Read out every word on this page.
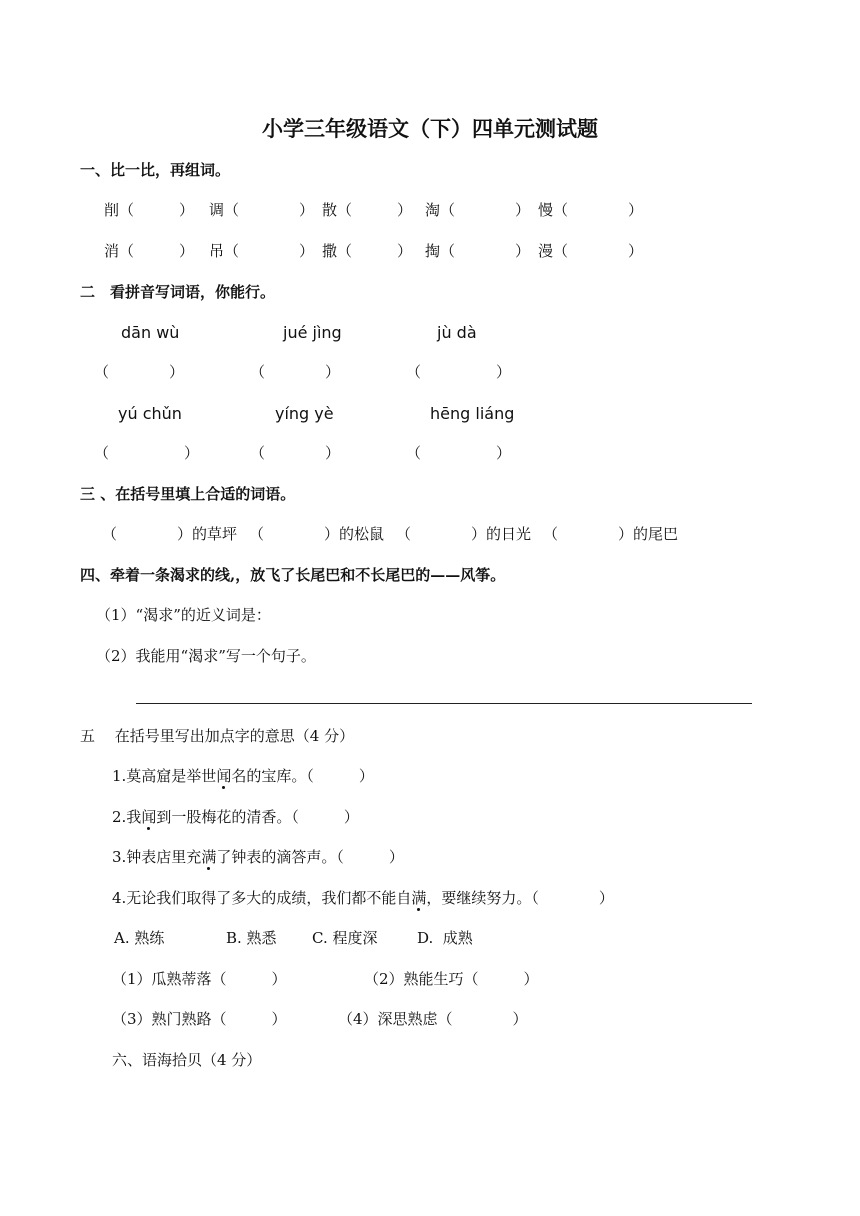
小学三年级语文（下）四单元测试题
一、比一比，再组词。
削（　　　） 调（　　　　） 散（　　　） 淘（　　　　） 慢（　　　　）
消（　　　） 吊（　　　　） 撒（　　　） 掏（　　　　） 漫（　　　　）
二　看拼音写词语，你能行。
dān wù	jué jìng	jù dà
（　　　　）	（　　　　）	（　　　　　）
yú chǔn	yíng yè	hēng liáng
（　　　　　）	（　　　　）	（　　　　　）
三 、在括号里填上合适的词语。
（　　　　）的草坪 （　　　　）的松鼠 （　　　　）的日光 （　　　　）的尾巴
四、牵着一条渴求的线,，放飞了长尾巴和不长尾巴的——风筝。
（1）“渴求”的近义词是：
（2）我能用“渴求”写一个句子。
五　 在括号里写出加点字的意思（4 分）
1.莫高窟是举世闻
名的宝库。（　　　）
2.我闻
到一股梅花的清香。（　　　）
3.钟表店里充满
了钟表的滴答声。（　　　）
4.无论我们取得了多大的成绩，我们都不能自满
，要继续努力。（　　　　）
A. 熟练	B. 熟悉 C. 程度深	D.  成熟
（1）瓜熟蒂落（　　　）	（2）熟能生巧（　　　）
（3）熟门熟路（　　　）	（4）深思熟虑（　　　　）
六、语海拾贝（4 分）
